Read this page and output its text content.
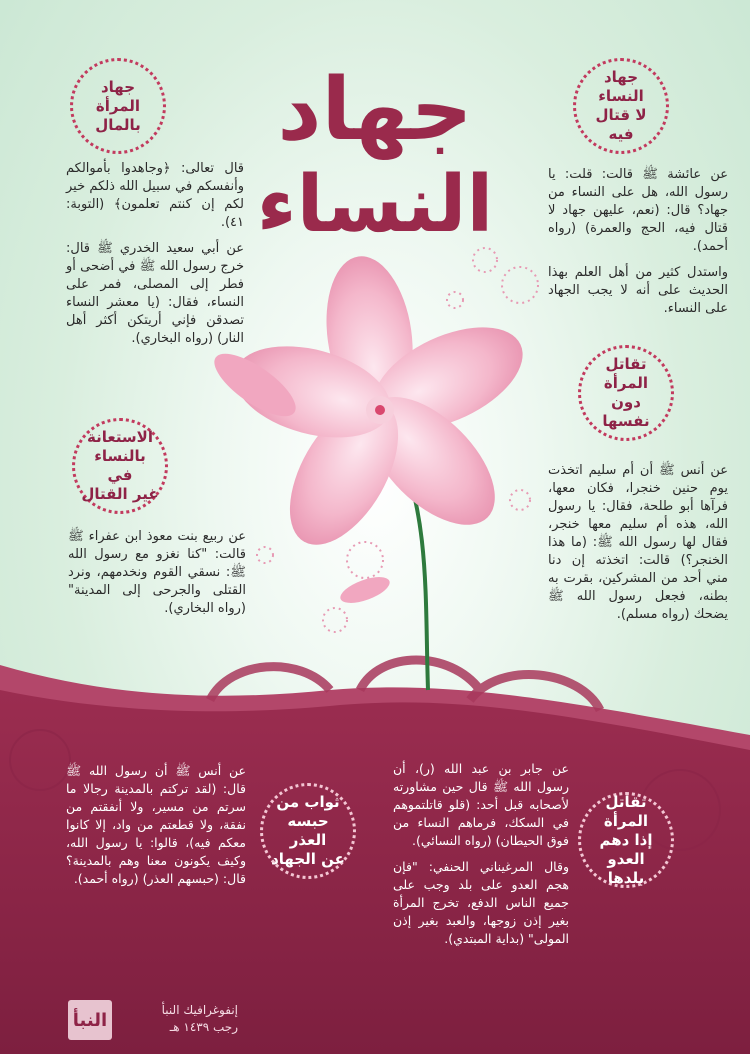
جهاد
النساء
جهاد النساء
لا قتال فيه

عن عائشة ﷺ قالت: قلت: يا رسول الله، هل على النساء من جهاد؟ قال: (نعم، عليهن جهاد لا قتال فيه، الحج والعمرة) (رواه أحمد).

واستدل كثير من أهل العلم بهذا الحديث على أنه لا يجب الجهاد على النساء.

جهاد
المرأة
بالمال

قال تعالى: ﴿وجاهدوا بأموالكم وأنفسكم في سبيل الله ذلكم خير لكم إن كنتم تعلمون﴾ (التوبة: ٤١).

عن أبي سعيد الخدري ﷺ قال: خرج رسول الله ﷺ في أضحى أو فطر إلى المصلى، فمر على النساء، فقال: (يا معشر النساء تصدقن فإني أريتكن أكثر أهل النار) (رواه البخاري).

تقاتل المرأة
دون
نفسها

عن أنس ﷺ أن أم سليم اتخذت يوم حنين خنجرا، فكان معها، فرآها أبو طلحة، فقال: يا رسول الله، هذه أم سليم معها خنجر، فقال لها رسول الله ﷺ: (ما هذا الخنجر؟) قالت: اتخذته إن دنا مني أحد من المشركين، بقرت به بطنه، فجعل رسول الله ﷺ يضحك (رواه مسلم).

الاستعانة
بالنساء في
غير القتال

عن ربيع بنت معوذ ابن عفراء ﷺ قالت: "كنا نغزو مع رسول الله ﷺ: نسقي القوم ونخدمهم، ونرد القتلى والجرحى إلى المدينة" (رواه البخاري).

تقاتل المرأة
إذا دهم
العدو بلدها

عن جابر بن عبد الله (ر)، أن رسول الله ﷺ قال حين مشاورته لأصحابه قبل أحد: (قلو قاتلتموهم في السكك، فرماهم النساء من فوق الحيطان) (رواه النسائي).

وقال المرغيناني الحنفي: "فإن هجم العدو على بلد وجب على جميع الناس الدفع، تخرج المرأة بغير إذن زوجها، والعبد بغير إذن المولى" (بداية المبتدي).

ثواب من
حبسه العذر
عن الجهاد

عن أنس ﷺ أن رسول الله ﷺ قال: (لقد تركتم بالمدينة رجالا ما سرتم من مسير، ولا أنفقتم من نفقة، ولا قطعتم من واد، إلا كانوا معكم فيه)، قالوا: يا رسول الله، وكيف يكونون معنا وهم بالمدينة؟ قال: (حبسهم العذر) (رواه أحمد).

النبأ	إنفوغرافيك النبأ
رجب ١٤٣٩ هـ
